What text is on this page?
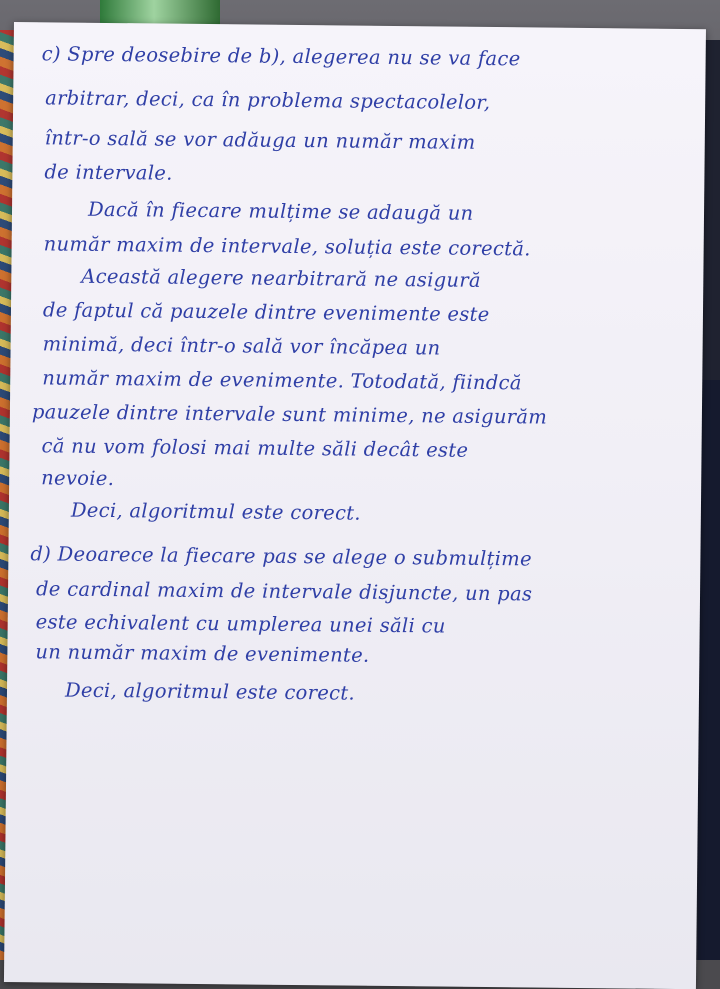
c) Spre deosebire de b), alegerea nu se va face

arbitrar, deci, ca în problema spectacolelor,

într-o sală se vor adăuga un număr maxim

de intervale.

Dacă în fiecare mulțime se adaugă un

număr maxim de intervale, soluția este corectă.

Această alegere nearbitrară ne asigură

de faptul că pauzele dintre evenimente este

minimă, deci într-o sală vor încăpea un

număr maxim de evenimente. Totodată, fiindcă

pauzele dintre intervale sunt minime, ne asigurăm

că nu vom folosi mai multe săli decât este

nevoie.

Deci, algoritmul este corect.

d) Deoarece la fiecare pas se alege o submulțime

de cardinal maxim de intervale disjuncte, un pas

este echivalent cu umplerea unei săli cu

un număr maxim de evenimente.

Deci, algoritmul este corect.
